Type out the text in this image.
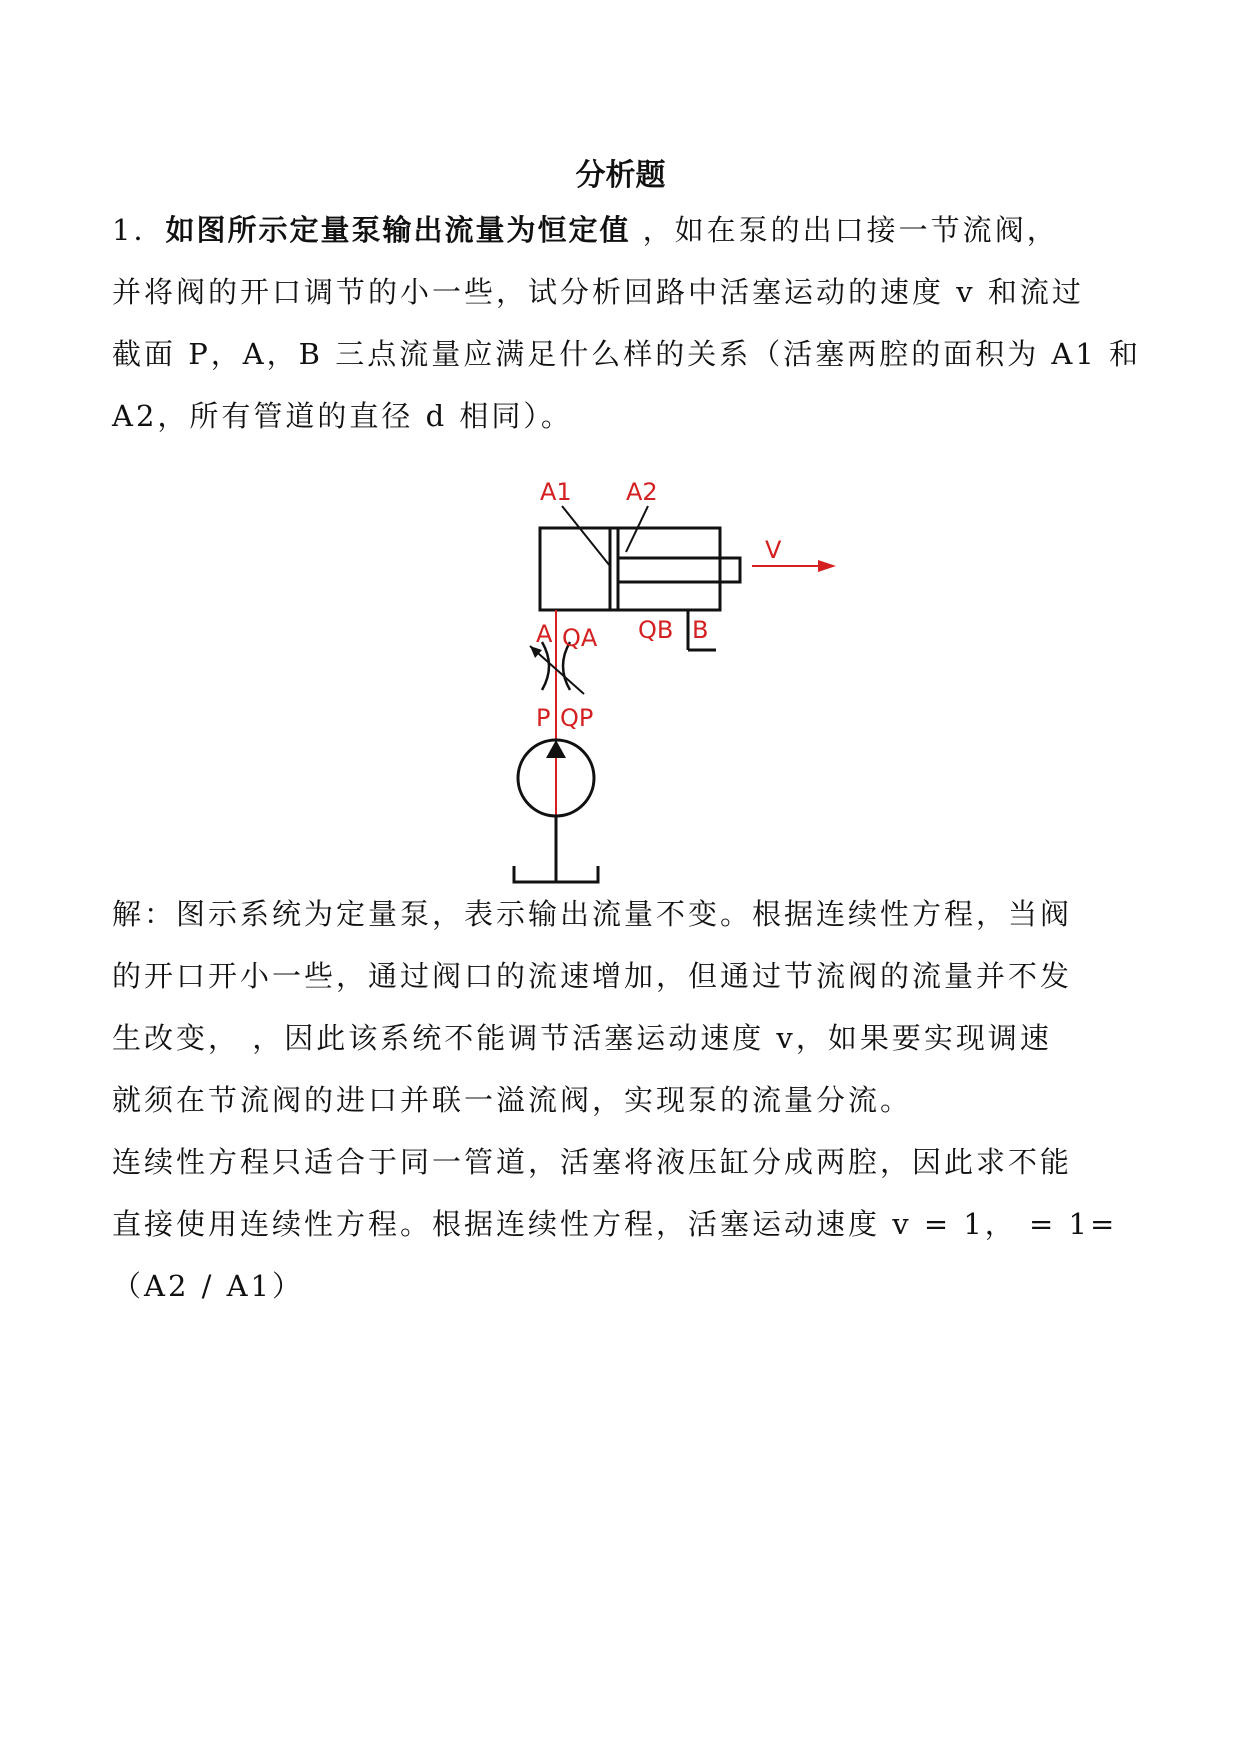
分析题
1．如图所示定量泵输出流量为恒定值 ，如在泵的出口接一节流阀，
并将阀的开口调节的小一些，试分析回路中活塞运动的速度 v 和流过
截面 P，A，B 三点流量应满足什么样的关系（活塞两腔的面积为 A1 和
A2，所有管道的直径 d 相同）。
A1 A2
V
A QA QB B
P QP
解：图示系统为定量泵，表示输出流量不变。根据连续性方程，当阀
的开口开小一些，通过阀口的流速增加，但通过节流阀的流量并不发
生改变， ，因此该系统不能调节活塞运动速度 v，如果要实现调速
就须在节流阀的进口并联一溢流阀，实现泵的流量分流。
连续性方程只适合于同一管道，活塞将液压缸分成两腔，因此求不能
直接使用连续性方程。根据连续性方程，活塞运动速度 v = 1， = 1=
（A2 / A1）
